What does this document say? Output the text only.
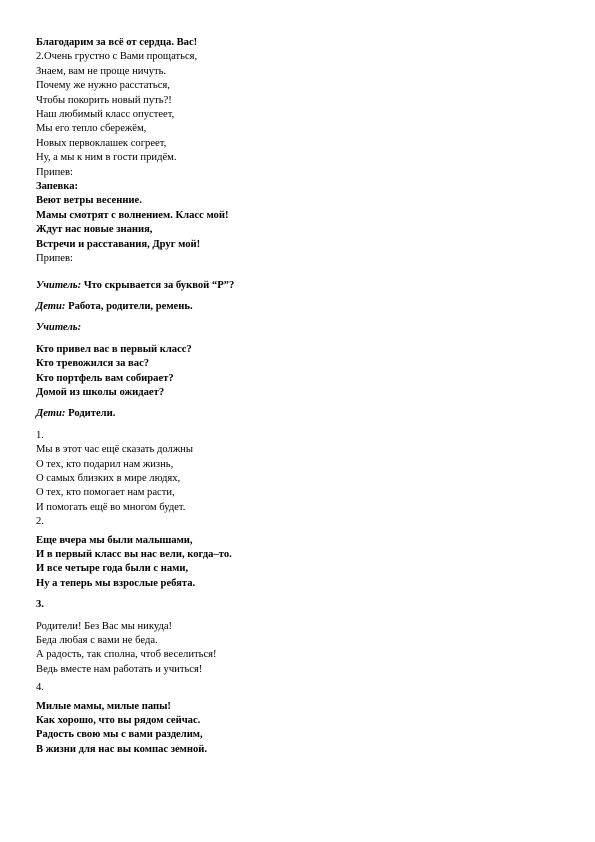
Благодарим за всё от сердца. Вас!
2.Очень грустно с Вами прощаться,
Знаем, вам не проще ничуть.
Почему же нужно расстаться,
Чтобы покорить новый путь?!
Наш любимый класс опустеет,
Мы его тепло сбережём,
Новых первоклашек согреет,
Ну, а мы к ним в гости придём.
Припев:
Запевка:
Веют ветры весенние.
Мамы смотрят с волнением. Класс мой!
Ждут нас новые знания,
Встречи и расставания, Друг мой!
Припев:
Учитель: Что скрывается за буквой “Р”?
Дети: Работа, родители, ремень.
Учитель:
Кто привел вас в первый класс?
Кто тревожился за вас?
Кто портфель вам собирает?
Домой из школы ожидает?
Дети: Родители.
1.
Мы в этот час ещё сказать должны
О тех, кто подарил нам жизнь,
О самых близких в мире людях,
О тех, кто помогает нам расти,
И помогать ещё во многом будет.
2.
Еще вчера мы были малышами,
И в первый класс вы нас вели, когда–то.
И все четыре года были с нами,
Ну а теперь мы взрослые ребята.
3.
Родители! Без Вас мы никуда!
Беда любая с вами не беда.
А радость, так сполна, чтоб веселиться!
Ведь вместе нам работать и учиться!
4.
Милые мамы, милые папы!
Как хорошо, что вы рядом сейчас.
Радость свою мы с вами разделим,
В жизни для нас вы компас земной.
